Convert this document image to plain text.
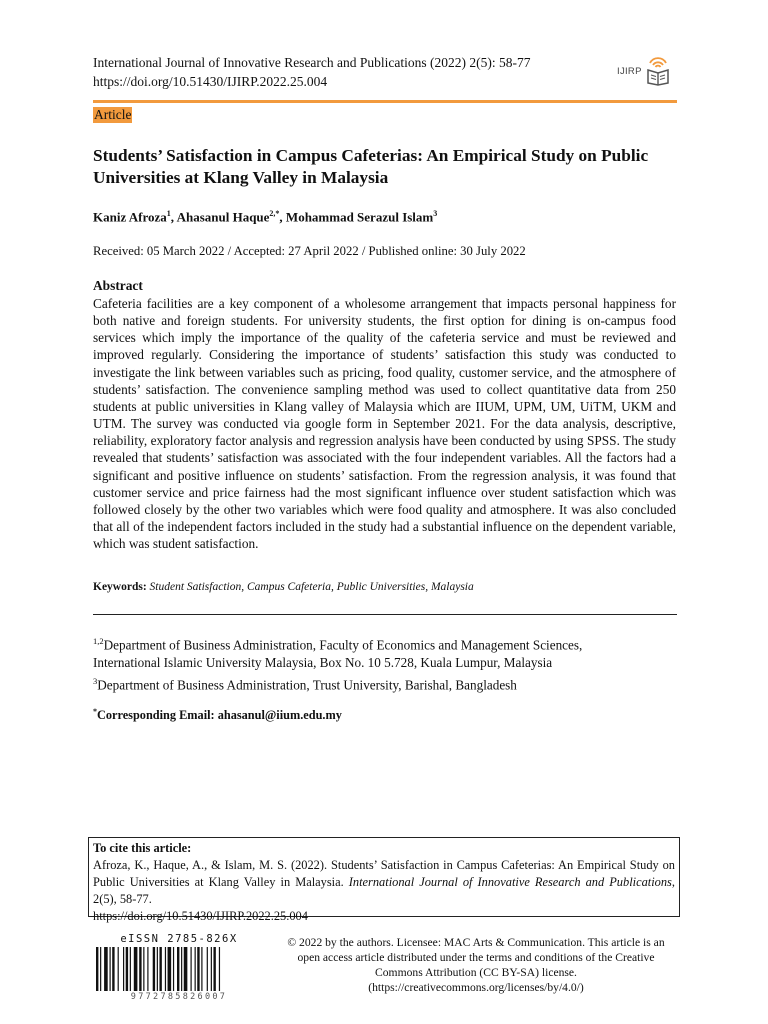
International Journal of Innovative Research and Publications (2022) 2(5): 58-77
https://doi.org/10.51430/IJIRP.2022.25.004
IJIRP
Article
Students’ Satisfaction in Campus Cafeterias: An Empirical Study on Public Universities at Klang Valley in Malaysia
Kaniz Afroza$^1$, Ahasanul Haque$^{2,*}$, Mohammad Serazul Islam$^3$
Received: 05 March 2022 / Accepted: 27 April 2022 / Published online: 30 July 2022
Abstract

Cafeteria facilities are a key component of a wholesome arrangement that impacts personal happiness for both native and foreign students. For university students, the first option for dining is on-campus food services which imply the importance of the quality of the cafeteria service and must be reviewed and improved regularly. Considering the importance of students’ satisfaction this study was conducted to investigate the link between variables such as pricing, food quality, customer service, and the atmosphere of students’ satisfaction. The convenience sampling method was used to collect quantitative data from 250 students at public universities in Klang valley of Malaysia which are IIUM, UPM, UM, UiTM, UKM and UTM. The survey was conducted via google form in September 2021. For the data analysis, descriptive, reliability, exploratory factor analysis and regression analysis have been conducted by using SPSS. The study revealed that students’ satisfaction was associated with the four independent variables. All the factors had a significant and positive influence on students’ satisfaction. From the regression analysis, it was found that customer service and price fairness had the most significant influence over student satisfaction which was followed closely by the other two variables which were food quality and atmosphere. It was also concluded that all of the independent factors included in the study had a substantial influence on the dependent variable, which was student satisfaction.

Keywords: Student Satisfaction, Campus Cafeteria, Public Universities, Malaysia
$^{1,2}$Department of Business Administration, Faculty of Economics and Management Sciences,
International Islamic University Malaysia, Box No. 10 5.728, Kuala Lumpur, Malaysia
$^3$Department of Business Administration, Trust University, Barishal, Bangladesh
*Corresponding Email: ahasanul@iium.edu.my
To cite this article:
Afroza, K., Haque, A., & Islam, M. S. (2022). Students’ Satisfaction in Campus Cafeterias: An Empirical Study on Public Universities at Klang Valley in Malaysia. International Journal of Innovative Research and Publications, 2(5), 58-77.
https://doi.org/10.51430/IJIRP.2022.25.004
eISSN 2785-826X
9772785826007
© 2022 by the authors. Licensee: MAC Arts & Communication. This article is an open access article distributed under the terms and conditions of the Creative Commons Attribution (CC BY-SA) license. (https://creativecommons.org/licenses/by/4.0/)
